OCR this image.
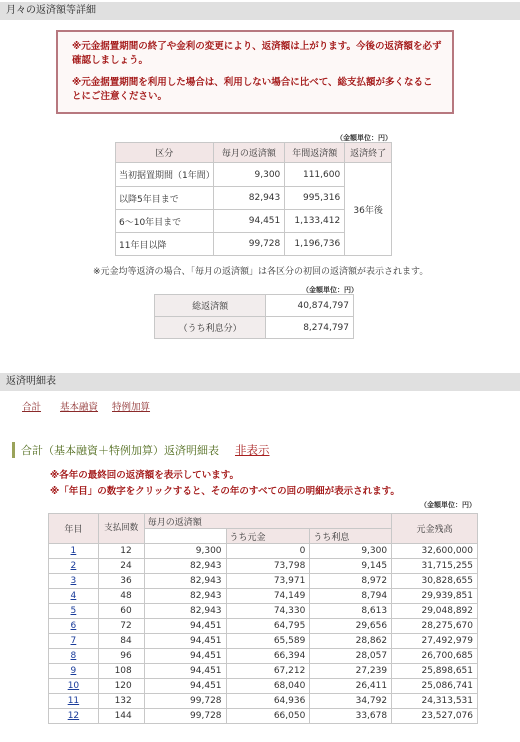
月々の返済額等詳細

※元金据置期間の終了や金利の変更により、返済額は上がります。今後の返済額を必ず確認しましょう。

※元金据置期間を利用した場合は、利用しない場合に比べて、総支払額が多くなることにご注意ください。

（金額単位：円）
区分	毎月の返済額	年間返済額	返済終了
当初据置期間（1年間）	9,300	111,600	36年後
以降5年目まで	82,943	995,316	
6～10年目まで	94,451	1,133,412	
11年目以降	99,728	1,196,736	
※元金均等返済の場合、「毎月の返済額」は各区分の初回の返済額が表示されます。
（金額単位：円）
総返済額	40,874,797
（うち利息分）	8,274,797
返済明細表
合計 基本融資 特例加算
合計（基本融資＋特例加算）返済明細表 非表示
※各年の最終回の返済額を表示しています。
※「年目」の数字をクリックすると、その年のすべての回の明細が表示されます。
（金額単位：円）
年目	支払回数	毎月の返済額			元金残高
			うち元金	うち利息	
1	12	9,300	0	9,300	32,600,000
2	24	82,943	73,798	9,145	31,715,255
3	36	82,943	73,971	8,972	30,828,655
4	48	82,943	74,149	8,794	29,939,851
5	60	82,943	74,330	8,613	29,048,892
6	72	94,451	64,795	29,656	28,275,670
7	84	94,451	65,589	28,862	27,492,979
8	96	94,451	66,394	28,057	26,700,685
9	108	94,451	67,212	27,239	25,898,651
10	120	94,451	68,040	26,411	25,086,741
11	132	99,728	64,936	34,792	24,313,531
12	144	99,728	66,050	33,678	23,527,076
